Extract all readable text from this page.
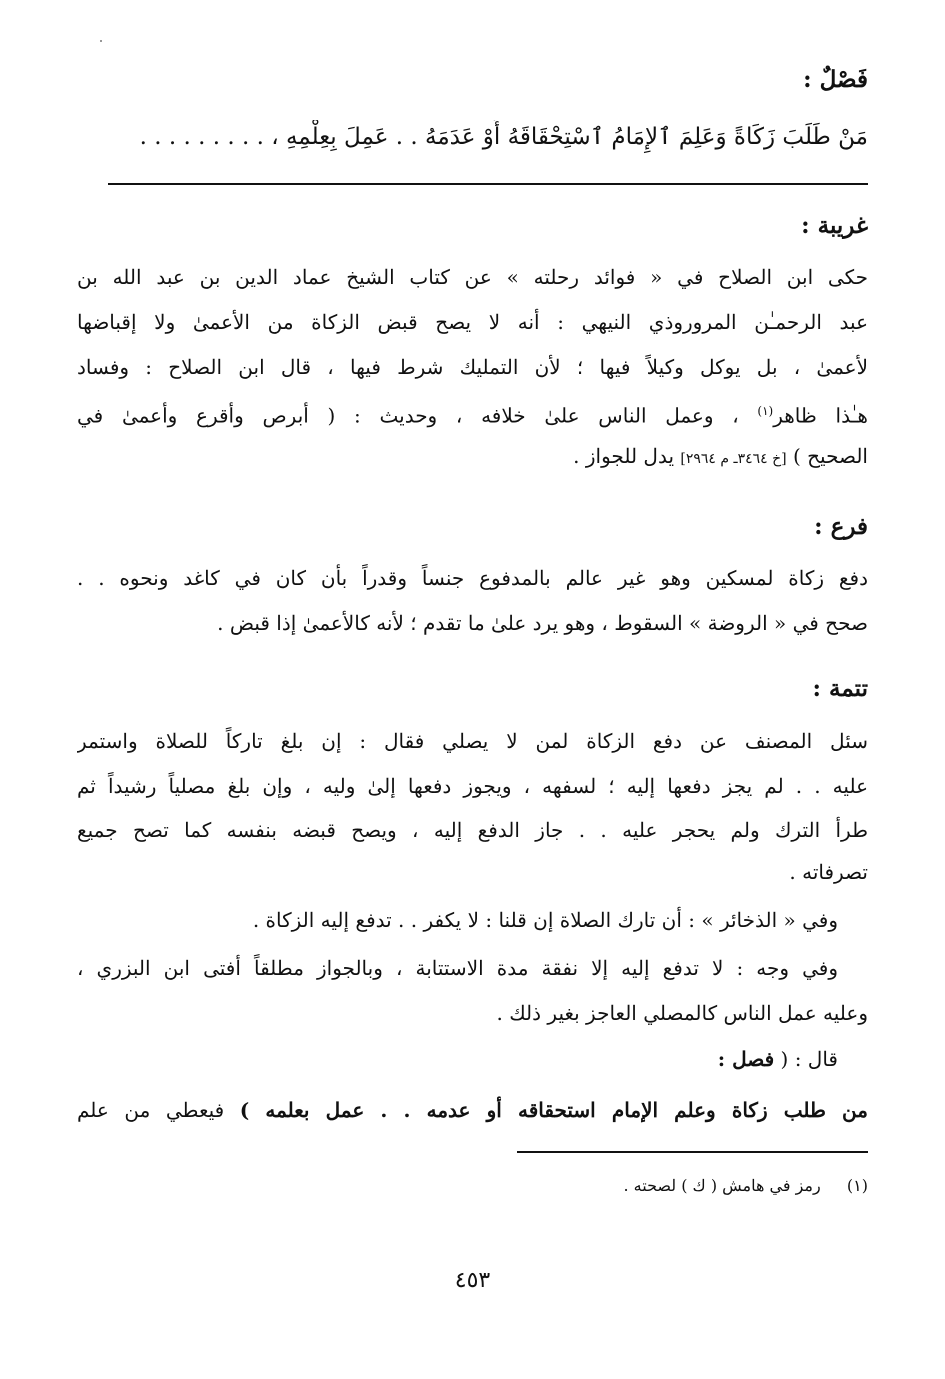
فَصْلٌ :
مَنْ طَلَبَ زَكَاةً وَعَلِمَ ٱلإِمَامُ ٱسْتِحْقَاقَهُ أَوْ عَدَمَهُ . . عَمِلَ بِعِلْمِهِ ، . . . . . . . . .
غريبة :
حكى ابن الصلاح في « فوائد رحلته » عن كتاب الشيخ عماد الدين بن عبد الله بن
عبد الرحمـٰن المروروذي النيهي : أنه لا يصح قبض الزكاة من الأعمىٰ ولا إقباضها
لأعمىٰ ، بل يوكل وكيلاً فيها ؛ لأن التمليك شرط فيها ، قال ابن الصلاح : وفساد
هـٰذا ظاهر$^{(١)}$ ، وعمل الناس علىٰ خلافه ، وحديث : ( أبرص وأقرع وأعمىٰ في
الصحيح ) [خ ٣٤٦٤ـ م ٢٩٦٤] يدل للجواز .
فرع :
دفع زكاة لمسكين وهو غير عالم بالمدفوع جنساً وقدراً بأن كان في كاغد ونحوه . .
صحح في « الروضة » السقوط ، وهو يرد علىٰ ما تقدم ؛ لأنه كالأعمىٰ إذا قبض .
تتمة :
سئل المصنف عن دفع الزكاة لمن لا يصلي فقال : إن بلغ تاركاً للصلاة واستمر
عليه . . لم يجز دفعها إليه ؛ لسفهه ، ويجوز دفعها إلىٰ وليه ، وإن بلغ مصلياً رشيداً ثم
طرأ الترك ولم يحجر عليه . . جاز الدفع إليه ، ويصح قبضه بنفسه كما تصح جميع
تصرفاته .
وفي « الذخائر » : أن تارك الصلاة إن قلنا : لا يكفر . . تدفع إليه الزكاة .
وفي وجه : لا تدفع إليه إلا نفقة مدة الاستتابة ، وبالجواز مطلقاً أفتى ابن البزري ،
وعليه عمل الناس كالمصلي العاجز بغير ذلك .
قال : ( فصل :
من طلب زكاة وعلم الإمام استحقاقه أو عدمه . . عمل بعلمه ) فيعطي من علم
(١)  رمز في هامش ( ك ) لصحته .
٤٥٣
